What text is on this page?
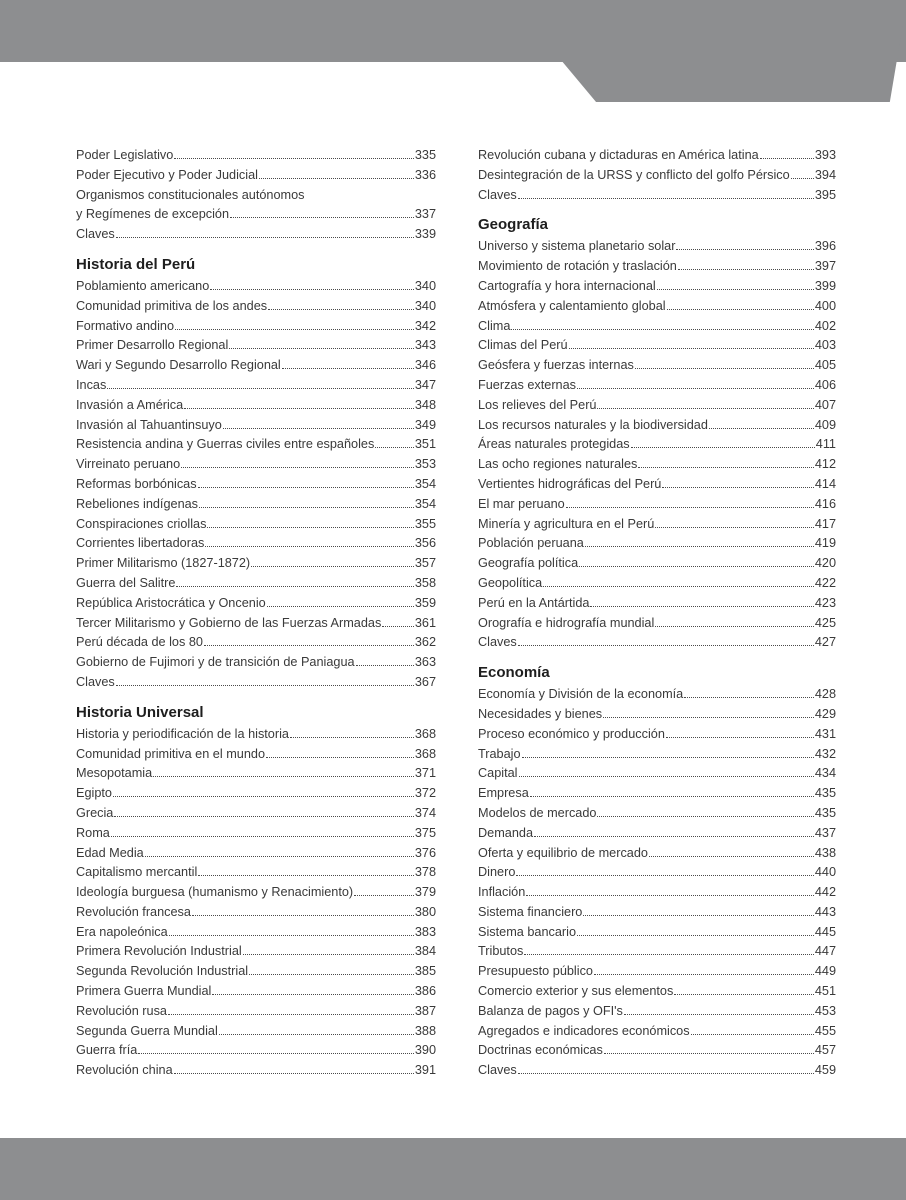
Poder Legislativo	335
Poder Ejecutivo y Poder Judicial	336
Organismos constitucionales autónomos
y Regímenes de excepción	337
Claves	339
Historia del Perú
Poblamiento americano	340
Comunidad primitiva de los andes	340
Formativo andino	342
Primer Desarrollo Regional	343
Wari y Segundo Desarrollo Regional	346
Incas	347
Invasión a América	348
Invasión al Tahuantinsuyo	349
Resistencia andina y Guerras civiles entre españoles	351
Virreinato peruano	353
Reformas borbónicas	354
Rebeliones indígenas	354
Conspiraciones criollas	355
Corrientes libertadoras	356
Primer Militarismo (1827-1872)	357
Guerra del Salitre	358
República Aristocrática y Oncenio	359
Tercer Militarismo y Gobierno de las Fuerzas Armadas	361
Perú década de los 80	362
Gobierno de Fujimori y de transición de Paniagua	363
Claves	367
Historia Universal
Historia y periodificación de la historia	368
Comunidad primitiva en el mundo	368
Mesopotamia	371
Egipto	372
Grecia	374
Roma	375
Edad Media	376
Capitalismo mercantil	378
Ideología burguesa (humanismo y Renacimiento)	379
Revolución francesa	380
Era napoleónica	383
Primera Revolución Industrial	384
Segunda Revolución Industrial	385
Primera Guerra Mundial	386
Revolución rusa	387
Segunda Guerra Mundial	388
Guerra fría	390
Revolución china	391
Revolución cubana y dictaduras en América latina	393
Desintegración de la URSS y conflicto del golfo Pérsico 394
Claves	395
Geografía
Universo y sistema planetario solar	396
Movimiento de rotación y traslación	397
Cartografía y hora internacional	399
Atmósfera y calentamiento global	400
Clima	402
Climas del Perú	403
Geósfera y fuerzas internas	405
Fuerzas externas	406
Los relieves del Perú	407
Los recursos naturales y la biodiversidad	409
Áreas naturales protegidas	411
Las ocho regiones naturales	412
Vertientes hidrográficas del Perú	414
El mar peruano	416
Minería y agricultura en el Perú	417
Población peruana	419
Geografía política	420
Geopolítica	422
Perú en la Antártida	423
Orografía e hidrografía mundial	425
Claves	427
Economía
Economía y División de la economía	428
Necesidades y bienes	429
Proceso económico y producción	431
Trabajo	432
Capital	434
Empresa	435
Modelos de mercado	435
Demanda	437
Oferta y equilibrio de mercado	438
Dinero	440
Inflación	442
Sistema financiero	443
Sistema bancario	445
Tributos	447
Presupuesto público	449
Comercio exterior y sus elementos	451
Balanza de pagos y OFI's	453
Agregados e indicadores económicos	455
Doctrinas económicas	457
Claves	459
